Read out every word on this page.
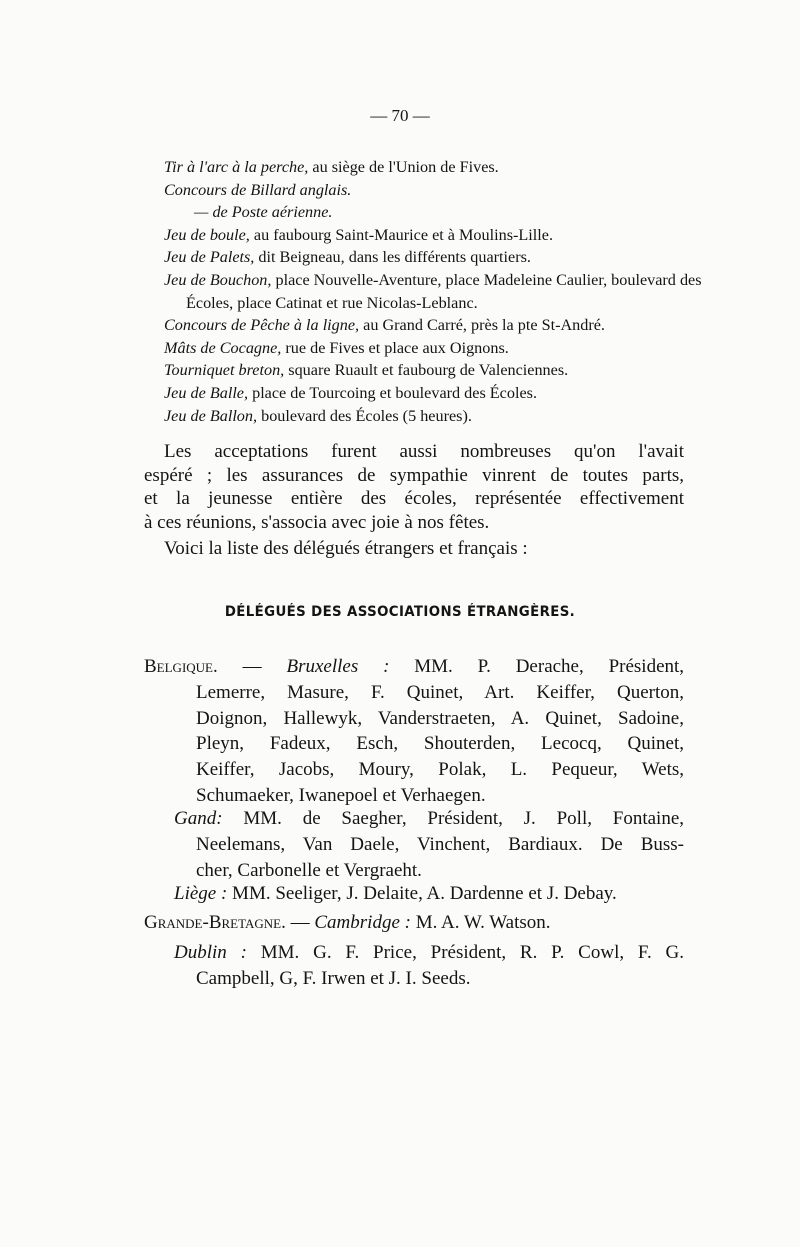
— 70 —
Tir à l'arc à la perche, au siège de l'Union de Fives.
Concours de Billard anglais.
— de Poste aérienne.
Jeu de boule, au faubourg Saint-Maurice et à Moulins-Lille.
Jeu de Palets, dit Beigneau, dans les différents quartiers.
Jeu de Bouchon, place Nouvelle-Aventure, place Madeleine Caulier, boulevard des Écoles, place Catinat et rue Nicolas-Leblanc.
Concours de Pêche à la ligne, au Grand Carré, près la pte St-André.
Mâts de Cocagne, rue de Fives et place aux Oignons.
Tourniquet breton, square Ruault et faubourg de Valenciennes.
Jeu de Balle, place de Tourcoing et boulevard des Écoles.
Jeu de Ballon, boulevard des Écoles (5 heures).
Les acceptations furent aussi nombreuses qu'on l'avait
espéré ; les assurances de sympathie vinrent de toutes parts,
et la jeunesse entière des écoles, représentée effectivement
à ces réunions, s'associa avec joie à nos fêtes.
Voici la liste des délégués étrangers et français :
DÉLÉGUÉS DES ASSOCIATIONS ÉTRANGÈRES.
Belgique. — Bruxelles : MM. P. Derache, Président,
Lemerre, Masure, F. Quinet, Art. Keiffer, Querton,
Doignon, Hallewyk, Vanderstraeten, A. Quinet, Sadoine,
Pleyn, Fadeux, Esch, Shouterden, Lecocq, Quinet,
Keiffer, Jacobs, Moury, Polak, L. Pequeur, Wets,
Schumaeker, Iwanepoel et Verhaegen.
Gand: MM. de Saegher, Président, J. Poll, Fontaine,
Neelemans, Van Daele, Vinchent, Bardiaux. De Buss-
cher, Carbonelle et Vergraeht.
Liège : MM. Seeliger, J. Delaite, A. Dardenne et J. Debay.
Grande-Bretagne. — Cambridge : M. A. W. Watson.
Dublin : MM. G. F. Price, Président, R. P. Cowl, F. G.
Campbell, G, F. Irwen et J. I. Seeds.
